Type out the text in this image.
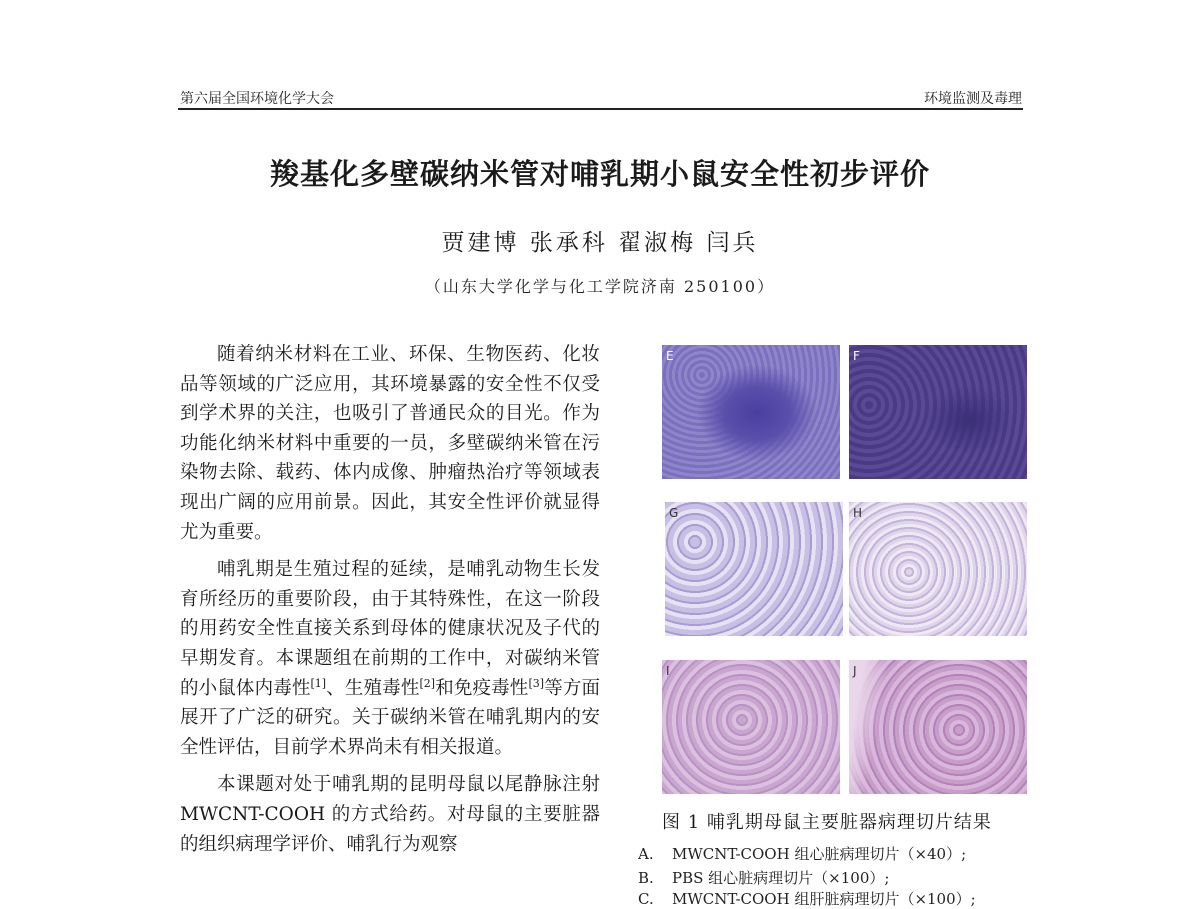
第六届全国环境化学大会	环境监测及毒理
羧基化多壁碳纳米管对哺乳期小鼠安全性初步评价
贾建博 张承科 翟淑梅 闫兵
（山东大学化学与化工学院济南 250100）

随着纳米材料在工业、环保、生物医药、化妆品等领域的广泛应用，其环境暴露的安全性不仅受到学术界的关注，也吸引了普通民众的目光。作为功能化纳米材料中重要的一员，多壁碳纳米管在污染物去除、载药、体内成像、肿瘤热治疗等领域表现出广阔的应用前景。因此，其安全性评价就显得尤为重要。

哺乳期是生殖过程的延续，是哺乳动物生长发育所经历的重要阶段，由于其特殊性，在这一阶段的用药安全性直接关系到母体的健康状况及子代的早期发育。本课题组在前期的工作中，对碳纳米管的小鼠体内毒性[1]、生殖毒性[2]和免疫毒性[3]等方面展开了广泛的研究。关于碳纳米管在哺乳期内的安全性评估，目前学术界尚未有相关报道。

本课题对处于哺乳期的昆明母鼠以尾静脉注射 MWCNT-COOH 的方式给药。对母鼠的主要脏器的组织病理学评价、哺乳行为观察

E	F
G	H
I	J
图 1 哺乳期母鼠主要脏器病理切片结果
A. MWCNT-COOH 组心脏病理切片（×40）;
B. PBS 组心脏病理切片（×100）;
C. MWCNT-COOH 组肝脏病理切片（×100）;
